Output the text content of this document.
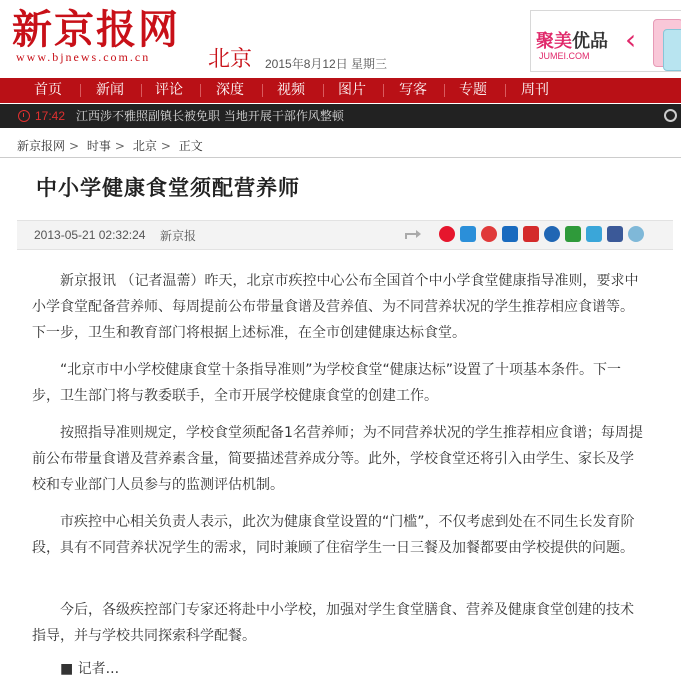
新京报网
www.bjnews.com.cn	北京 2015年8月12日 星期三
聚美优品
JUMEI.COM ‹
首页	新闻	评论	深度	视频	图片	写客	专题	周刊
17:42 江西涉不雅照副镇长被免职 当地开展干部作风整顿
新京报网 > 时事 > 北京 > 正文
中小学健康食堂须配营养师
2013-05-21 02:32:24 新京报

新京报讯 （记者温薷）昨天，北京市疾控中心公布全国首个中小学食堂健康指导准则，要求中小学食堂配备营养师、每周提前公布带量食谱及营养值、为不同营养状况的学生推荐相应食谱等。下一步，卫生和教育部门将根据上述标准，在全市创建健康达标食堂。

“北京市中小学校健康食堂十条指导准则”为学校食堂“健康达标”设置了十项基本条件。下一步，卫生部门将与教委联手，全市开展学校健康食堂的创建工作。

按照指导准则规定，学校食堂须配备1名营养师；为不同营养状况的学生推荐相应食谱；每周提前公布带量食谱及营养素含量，简要描述营养成分等。此外，学校食堂还将引入由学生、家长及学校和专业部门人员参与的监测评估机制。

市疾控中心相关负责人表示，此次为健康食堂设置的“门槛”，不仅考虑到处在不同生长发育阶段，具有不同营养状况学生的需求，同时兼顾了住宿学生一日三餐及加餐都要由学校提供的问题。

今后，各级疾控部门专家还将赴中小学校，加强对学生食堂膳食、营养及健康食堂创建的技术指导，并与学校共同探索科学配餐。

■ 记者...
